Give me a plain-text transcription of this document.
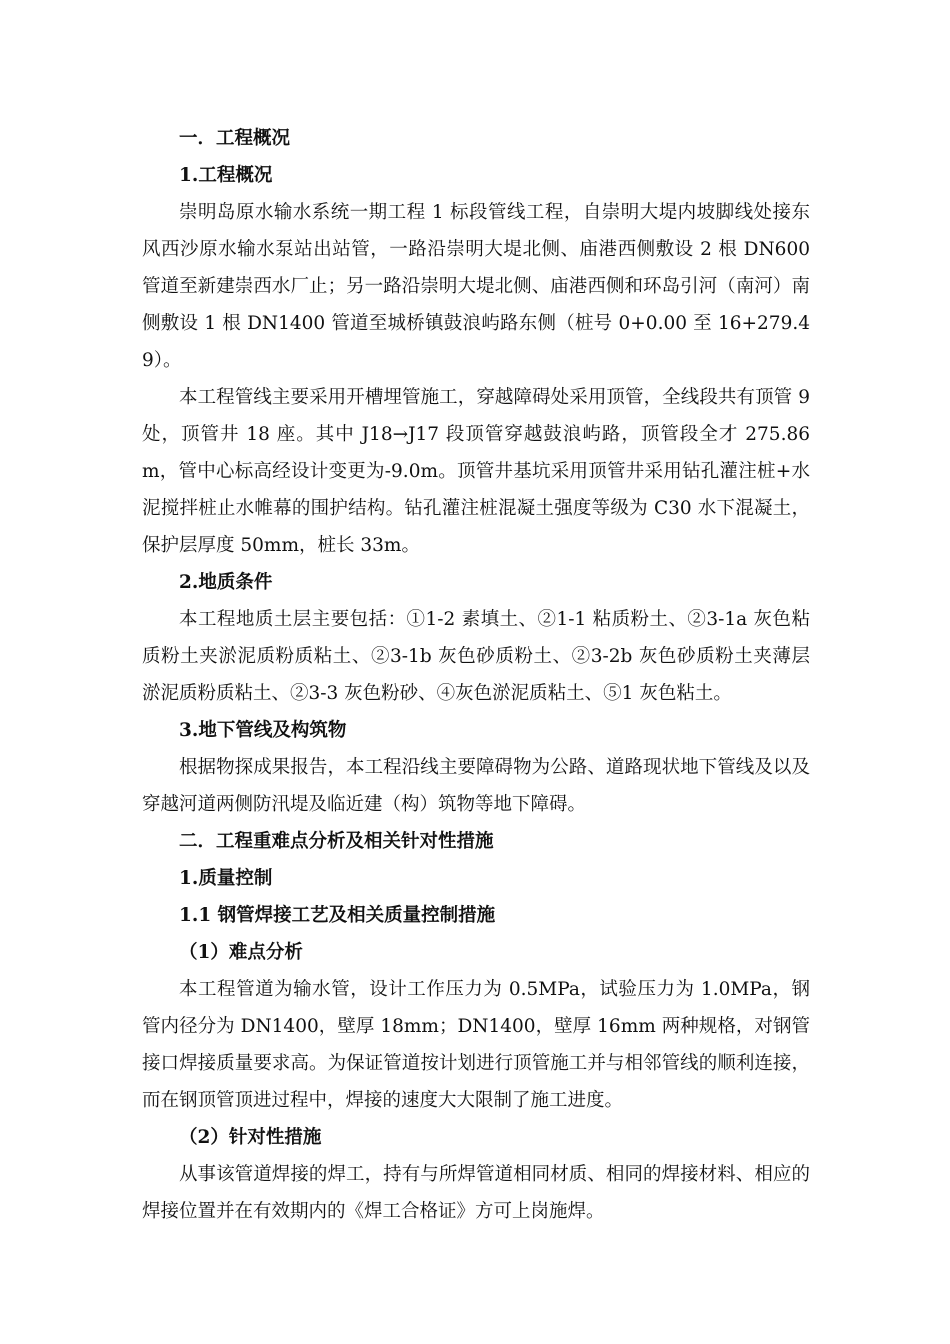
一．工程概况
1.工程概况
崇明岛原水输水系统一期工程 1 标段管线工程，自崇明大堤内坡脚线处接东风西沙原水输水泵站出站管，一路沿崇明大堤北侧、庙港西侧敷设 2 根 DN600 管道至新建崇西水厂止；另一路沿崇明大堤北侧、庙港西侧和环岛引河（南河）南侧敷设 1 根 DN1400 管道至城桥镇鼓浪屿路东侧（桩号 0+0.00 至 16+279.49）。
本工程管线主要采用开槽埋管施工，穿越障碍处采用顶管，全线段共有顶管 9 处，顶管井 18 座。其中 J18→J17 段顶管穿越鼓浪屿路，顶管段全才 275.86m，管中心标高经设计变更为-9.0m。顶管井基坑采用顶管井采用钻孔灌注桩+水泥搅拌桩止水帷幕的围护结构。钻孔灌注桩混凝土强度等级为 C30 水下混凝土，保护层厚度 50mm，桩长 33m。
2.地质条件
本工程地质土层主要包括：①1-2 素填土、②1-1 粘质粉土、②3-1a 灰色粘质粉土夹淤泥质粉质粘土、②3-1b 灰色砂质粉土、②3-2b 灰色砂质粉土夹薄层淤泥质粉质粘土、②3-3 灰色粉砂、④灰色淤泥质粘土、⑤1 灰色粘土。
3.地下管线及构筑物
根据物探成果报告，本工程沿线主要障碍物为公路、道路现状地下管线及以及穿越河道两侧防汛堤及临近建（构）筑物等地下障碍。
二．工程重难点分析及相关针对性措施
1.质量控制
1.1 钢管焊接工艺及相关质量控制措施
（1）难点分析
本工程管道为输水管，设计工作压力为 0.5MPa，试验压力为 1.0MPa，钢管内径分为 DN1400，壁厚 18mm；DN1400，壁厚 16mm 两种规格，对钢管接口焊接质量要求高。为保证管道按计划进行顶管施工并与相邻管线的顺利连接，而在钢顶管顶进过程中，焊接的速度大大限制了施工进度。
（2）针对性措施
从事该管道焊接的焊工，持有与所焊管道相同材质、相同的焊接材料、相应的焊接位置并在有效期内的《焊工合格证》方可上岗施焊。
